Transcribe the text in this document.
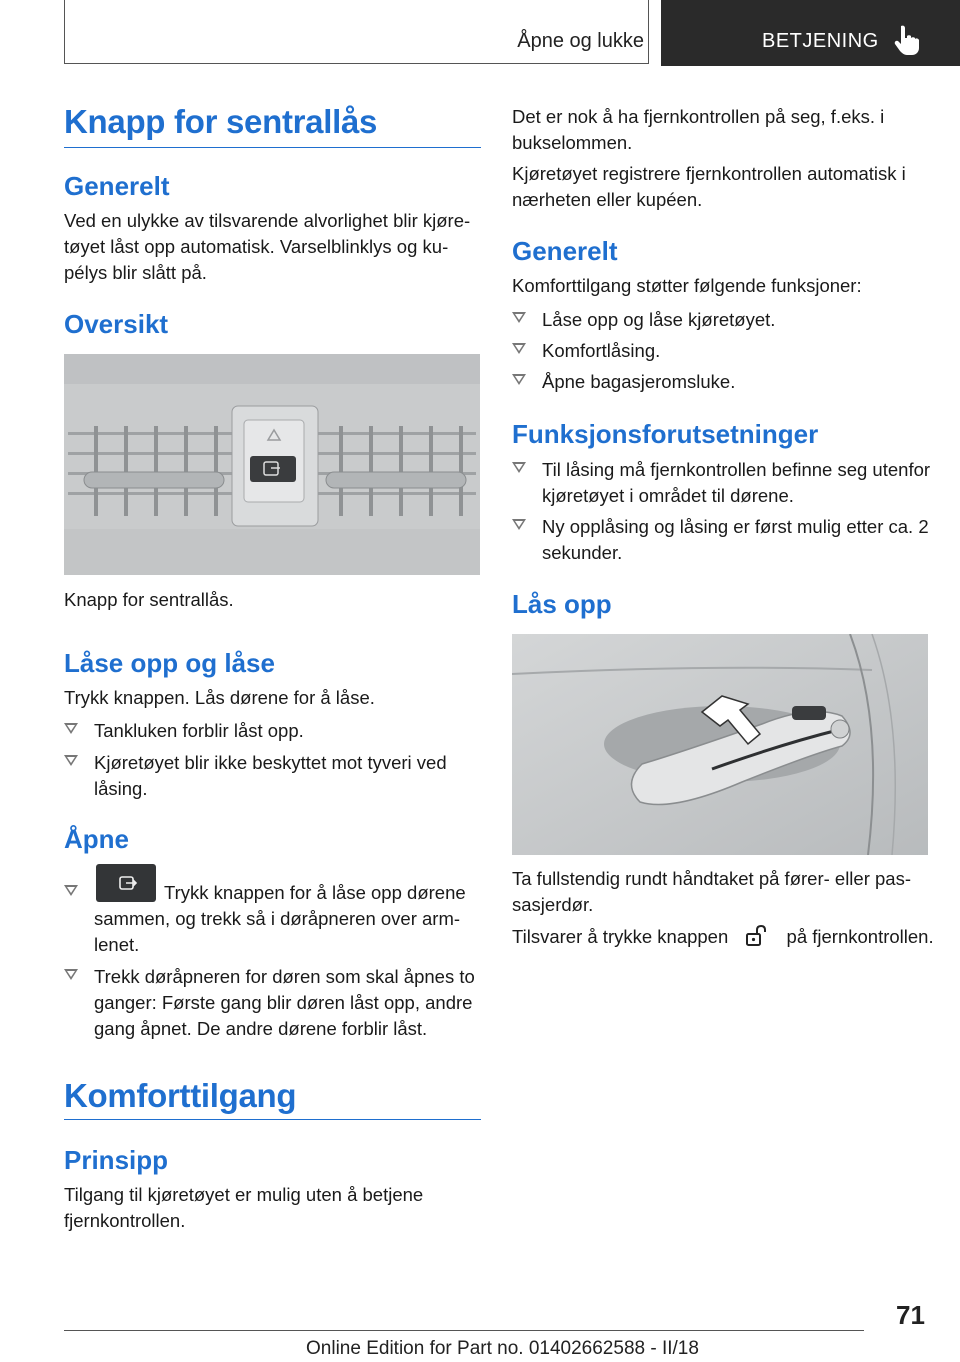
Åpne og lukke	BETJENING
Knapp for sentrallås
Generelt
Ved en ulykke av tilsvarende alvorlighet blir kjøretøyet låst opp automatisk. Varselblinklys og kupélys blir slått på.
Oversikt
Knapp for sentrallås.
Låse opp og låse
Trykk knappen. Lås dørene for å låse.
Tankluken forblir låst opp.
Kjøretøyet blir ikke beskyttet mot tyveri ved låsing.
Åpne
Trykk knappen for å låse opp dørene sammen, og trekk så i døråpneren over armlenet.
Trekk døråpneren for døren som skal åpnes to ganger: Første gang blir døren låst opp, andre gang åpnet. De andre dørene forblir låst.
Komforttilgang
Prinsipp
Tilgang til kjøretøyet er mulig uten å betjene fjernkontrollen.
Det er nok å ha fjernkontrollen på seg, f.eks. i bukselommen.
Kjøretøyet registrere fjernkontrollen automatisk i nærheten eller kupéen.
Generelt
Komforttilgang støtter følgende funksjoner:
Låse opp og låse kjøretøyet.
Komfortlåsing.
Åpne bagasjeromsluke.
Funksjonsforutsetninger
Til låsing må fjernkontrollen befinne seg utenfor kjøretøyet i området til dørene.
Ny opplåsing og låsing er først mulig etter ca. 2 sekunder.
Lås opp
Ta fullstendig rundt håndtaket på fører- eller passasjerdør.
Tilsvarer å trykke knappen	på fjernkontrollen.
71
Online Edition for Part no. 01402662588 - II/18
